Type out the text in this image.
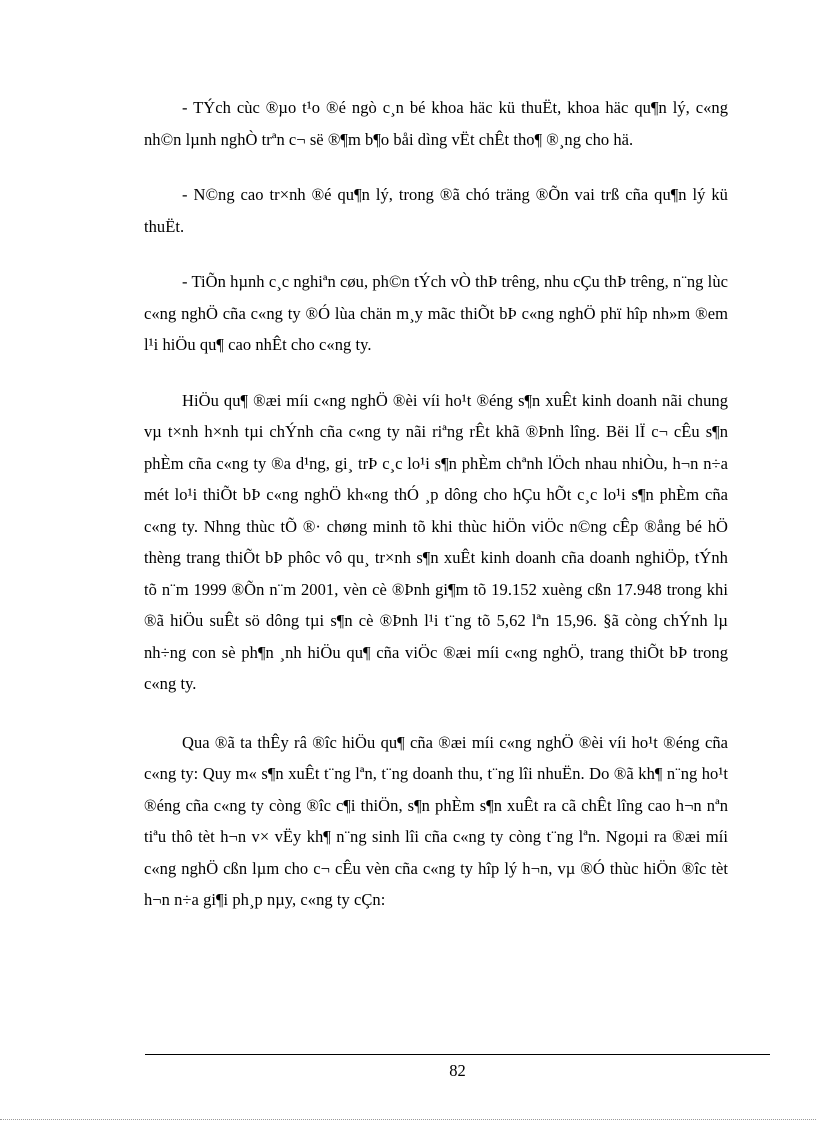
- TÝch cùc ®µo t¹o ®é ngò c¸n bé khoa häc kü thuËt, khoa häc qu¶n lý, c«ng nh©n lµnh nghÒ trªn c¬ së ®¶m b¶o båi dìng vËt chÊt tho¶ ®¸ng cho hä.

- N©ng cao tr×nh ®é qu¶n lý, trong ®ã chó träng ®Õn vai trß cña qu¶n lý kü thuËt.

- TiÕn hµnh c¸c nghiªn cøu, ph©n tÝch vÒ thÞ trêng, nhu cÇu thÞ trêng, n¨ng lùc c«ng nghÖ cña c«ng ty ®Ó lùa chän m¸y mãc thiÕt bÞ c«ng nghÖ phï hîp nh»m ®em l¹i hiÖu qu¶ cao nhÊt cho c«ng ty.

HiÖu qu¶ ®æi míi c«ng nghÖ ®èi víi ho¹t ®éng s¶n xuÊt kinh doanh nãi chung vµ t×nh h×nh tµi chÝnh cña c«ng ty nãi riªng rÊt khã ®Þnh lîng. Bëi lÏ c¬ cÊu s¶n phÈm cña c«ng ty ®a d¹ng, gi¸ trÞ c¸c lo¹i s¶n phÈm chªnh lÖch nhau nhiÒu, h¬n n÷a mét lo¹i thiÕt bÞ c«ng nghÖ kh«ng thÓ ¸p dông cho hÇu hÕt c¸c lo¹i s¶n phÈm cña c«ng ty. Nhng thùc tÕ ®· chøng minh tõ khi thùc hiÖn viÖc n©ng cÊp ®ång bé hÖ thèng trang thiÕt bÞ phôc vô qu¸ tr×nh s¶n xuÊt kinh doanh cña doanh nghiÖp, tÝnh tõ n¨m 1999 ®Õn n¨m 2001, vèn cè ®Þnh gi¶m tõ 19.152 xuèng cßn 17.948 trong khi ®ã hiÖu suÊt sö dông tµi s¶n cè ®Þnh l¹i t¨ng tõ 5,62 lªn 15,96. §ã còng chÝnh lµ nh÷ng con sè ph¶n ¸nh hiÖu qu¶ cña viÖc ®æi míi c«ng nghÖ, trang thiÕt bÞ trong c«ng ty.

Qua ®ã ta thÊy râ ®îc hiÖu qu¶ cña ®æi míi c«ng nghÖ ®èi víi ho¹t ®éng cña c«ng ty: Quy m« s¶n xuÊt t¨ng lªn, t¨ng doanh thu, t¨ng lîi nhuËn. Do ®ã kh¶ n¨ng ho¹t ®éng cña c«ng ty còng ®îc c¶i thiÖn, s¶n phÈm s¶n xuÊt ra cã chÊt lîng cao h¬n nªn tiªu thô tèt h¬n v× vËy kh¶ n¨ng sinh lîi cña c«ng ty còng t¨ng lªn. Ngoµi ra ®æi míi c«ng nghÖ cßn lµm cho c¬ cÊu vèn cña c«ng ty hîp lý h¬n, vµ ®Ó thùc hiÖn ®îc tèt h¬n n÷a gi¶i ph¸p nµy, c«ng ty cÇn:

82
